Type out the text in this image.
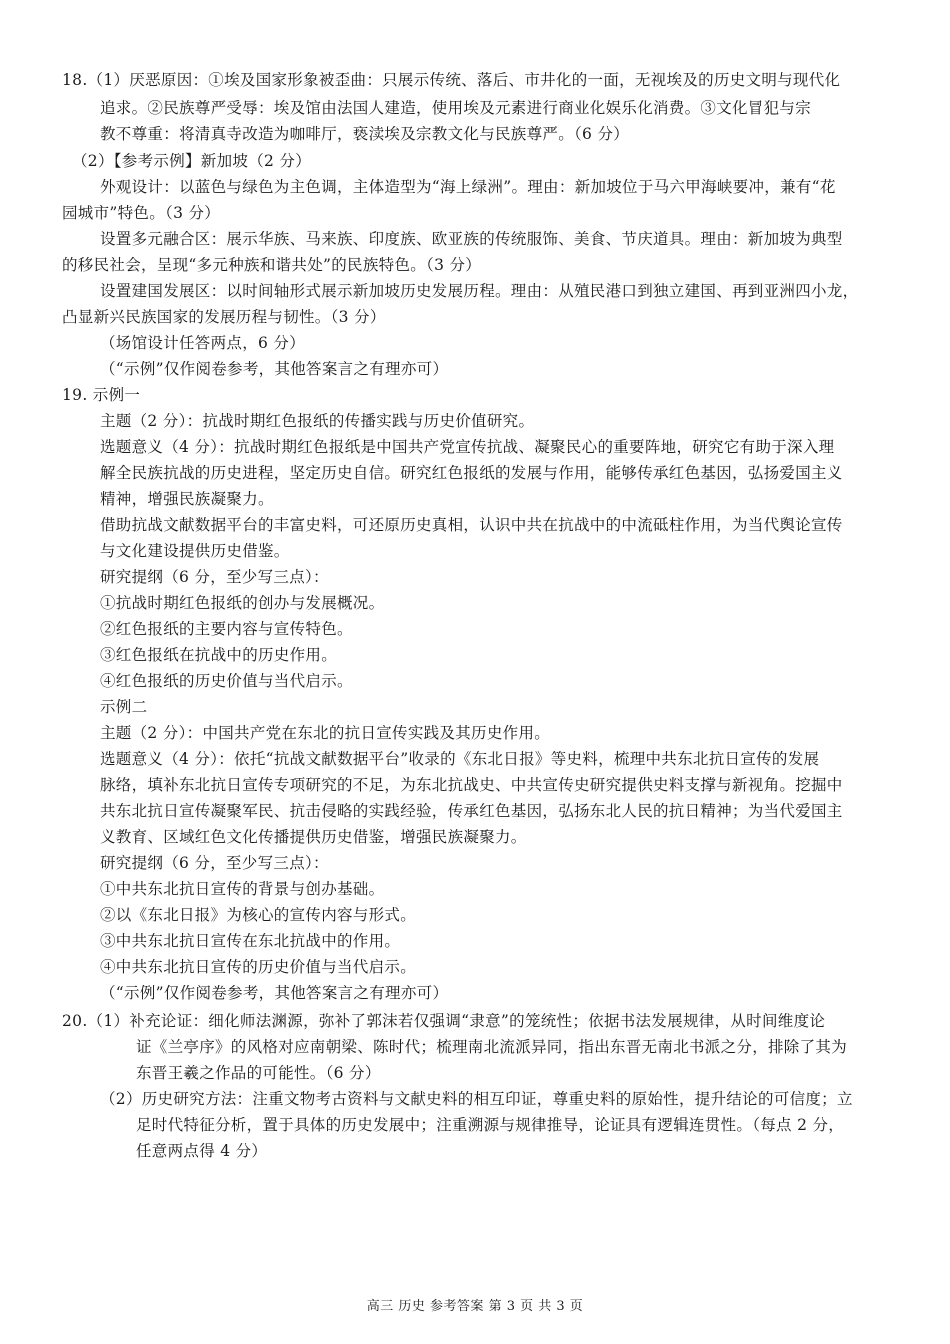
18.（1）厌恶原因：①埃及国家形象被歪曲：只展示传统、落后、市井化的一面，无视埃及的历史文明与现代化
追求。②民族尊严受辱：埃及馆由法国人建造，使用埃及元素进行商业化娱乐化消费。③文化冒犯与宗
教不尊重：将清真寺改造为咖啡厅，亵渎埃及宗教文化与民族尊严。（6 分）
（2）【参考示例】新加坡（2 分）
外观设计：以蓝色与绿色为主色调，主体造型为“海上绿洲”。理由：新加坡位于马六甲海峡要冲，兼有“花
园城市”特色。（3 分）
设置多元融合区：展示华族、马来族、印度族、欧亚族的传统服饰、美食、节庆道具。理由：新加坡为典型
的移民社会，呈现“多元种族和谐共处”的民族特色。（3 分）
设置建国发展区：以时间轴形式展示新加坡历史发展历程。理由：从殖民港口到独立建国、再到亚洲四小龙，
凸显新兴民族国家的发展历程与韧性。（3 分）
（场馆设计任答两点，6 分）
（“示例”仅作阅卷参考，其他答案言之有理亦可）
19. 示例一
主题（2 分）：抗战时期红色报纸的传播实践与历史价值研究。
选题意义（4 分）：抗战时期红色报纸是中国共产党宣传抗战、凝聚民心的重要阵地，研究它有助于深入理
解全民族抗战的历史进程，坚定历史自信。研究红色报纸的发展与作用，能够传承红色基因，弘扬爱国主义
精神，增强民族凝聚力。
借助抗战文献数据平台的丰富史料，可还原历史真相，认识中共在抗战中的中流砥柱作用，为当代舆论宣传
与文化建设提供历史借鉴。
研究提纲（6 分，至少写三点）：
①抗战时期红色报纸的创办与发展概况。
②红色报纸的主要内容与宣传特色。
③红色报纸在抗战中的历史作用。
④红色报纸的历史价值与当代启示。
示例二
主题（2 分）：中国共产党在东北的抗日宣传实践及其历史作用。
选题意义（4 分）：依托“抗战文献数据平台”收录的《东北日报》等史料，梳理中共东北抗日宣传的发展
脉络，填补东北抗日宣传专项研究的不足，为东北抗战史、中共宣传史研究提供史料支撑与新视角。挖掘中
共东北抗日宣传凝聚军民、抗击侵略的实践经验，传承红色基因，弘扬东北人民的抗日精神；为当代爱国主
义教育、区域红色文化传播提供历史借鉴，增强民族凝聚力。
研究提纲（6 分，至少写三点）：
①中共东北抗日宣传的背景与创办基础。
②以《东北日报》为核心的宣传内容与形式。
③中共东北抗日宣传在东北抗战中的作用。
④中共东北抗日宣传的历史价值与当代启示。
（“示例”仅作阅卷参考，其他答案言之有理亦可）
20.（1）补充论证：细化师法渊源，弥补了郭沫若仅强调“隶意”的笼统性；依据书法发展规律，从时间维度论
证《兰亭序》的风格对应南朝梁、陈时代；梳理南北流派异同，指出东晋无南北书派之分，排除了其为
东晋王羲之作品的可能性。（6 分）
（2）历史研究方法：注重文物考古资料与文献史料的相互印证，尊重史料的原始性，提升结论的可信度；立
足时代特征分析，置于具体的历史发展中；注重溯源与规律推导，论证具有逻辑连贯性。（每点 2 分，
任意两点得 4 分）
高三 历史 参考答案 第 3 页 共 3 页
